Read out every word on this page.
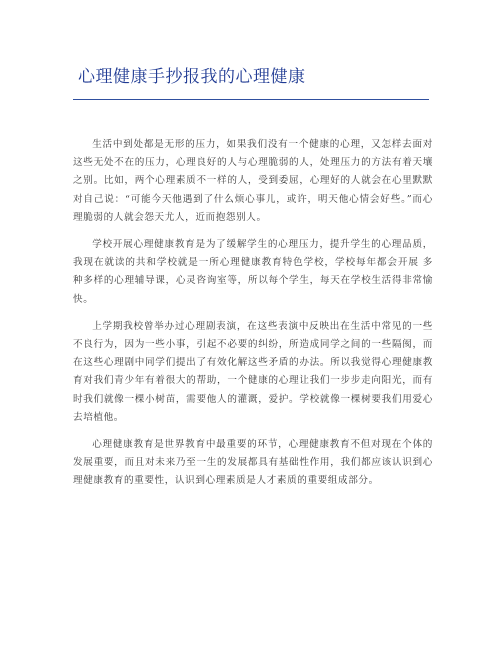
心理健康手抄报我的心理健康

生活中到处都是无形的压力，如果我们没有一个健康的心理，又怎样去面对这些无处不在的压力，心理良好的人与心理脆弱的人，处理压力的方法有着天壤之别。比如，两个心理素质不一样的人，受到委屈，心理好的人就会在心里默默对自己说：“可能今天他遇到了什么烦心事儿，或许，明天他心情会好些。”而心理脆弱的人就会怨天尤人，近而抱怨别人。

学校开展心理健康教育是为了缓解学生的心理压力，提升学生的心理品质，我现在就读的共和学校就是一所心理健康教育特色学校，学校每年都会开展 多种多样的心理辅导课，心灵咨询室等，所以每个学生，每天在学校生活得非常愉快。

上学期我校曾举办过心理剧表演，在这些表演中反映出在生活中常见的一些不良行为，因为一些小事，引起不必要的纠纷，所造成同学之间的一些隔阂，而在这些心理剧中同学们提出了有效化解这些矛盾的办法。所以我觉得心理健康教育对我们青少年有着很大的帮助，一个健康的心理让我们一步步走向阳光，而有时我们就像一棵小树苗，需要他人的灌溉，爱护。学校就像一棵树要我们用爱心去培植他。

心理健康教育是世界教育中最重要的环节，心理健康教育不但对现在个体的发展重要，而且对未来乃至一生的发展都具有基础性作用，我们都应该认识到心理健康教育的重要性，认识到心理素质是人才素质的重要组成部分。
